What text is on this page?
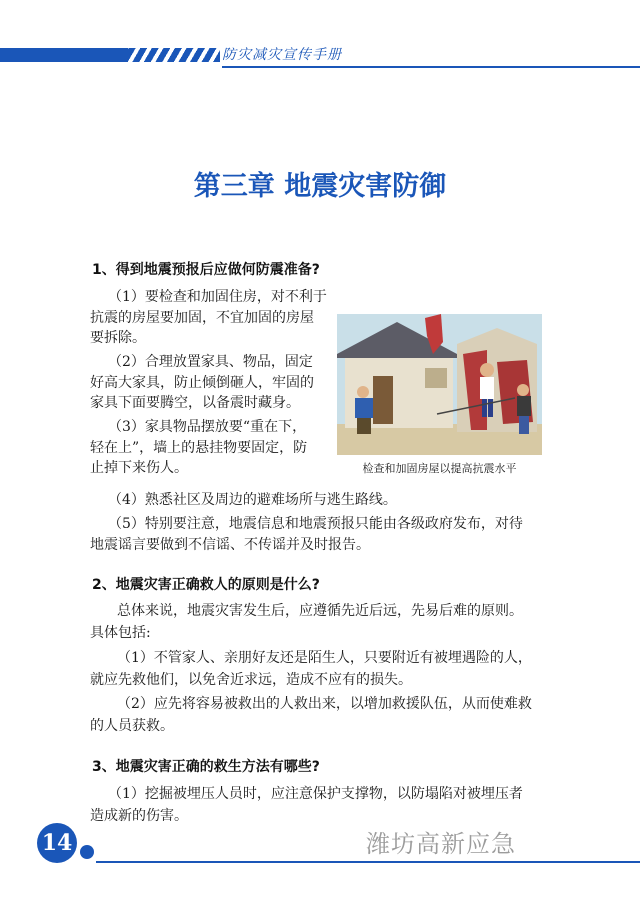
防灾减灾宣传手册
第三章 地震灾害防御
1、得到地震预报后应做何防震准备?
（1）要检查和加固住房，对不利于
抗震的房屋要加固，不宜加固的房屋
要拆除。
（2）合理放置家具、物品，固定
好高大家具，防止倾倒砸人，牢固的
家具下面要腾空，以备震时藏身。
（3）家具物品摆放要“重在下，
轻在上”，墙上的悬挂物要固定，防
止掉下来伤人。
（4）熟悉社区及周边的避难场所与逃生路线。
（5）特别要注意，地震信息和地震预报只能由各级政府发布，对待
地震谣言要做到不信谣、不传谣并及时报告。
检查和加固房屋以提高抗震水平
2、地震灾害正确救人的原则是什么?
总体来说，地震灾害发生后，应遵循先近后远，先易后难的原则。
具体包括:
（1）不管家人、亲朋好友还是陌生人，只要附近有被埋遇险的人，
就应先救他们，以免舍近求远，造成不应有的损失。
（2）应先将容易被救出的人救出来，以增加救援队伍，从而使难救
的人员获救。
3、地震灾害正确的救生方法有哪些?
（1）挖掘被埋压人员时，应注意保护支撑物，以防塌陷对被埋压者
造成新的伤害。
14	潍坊高新应急
